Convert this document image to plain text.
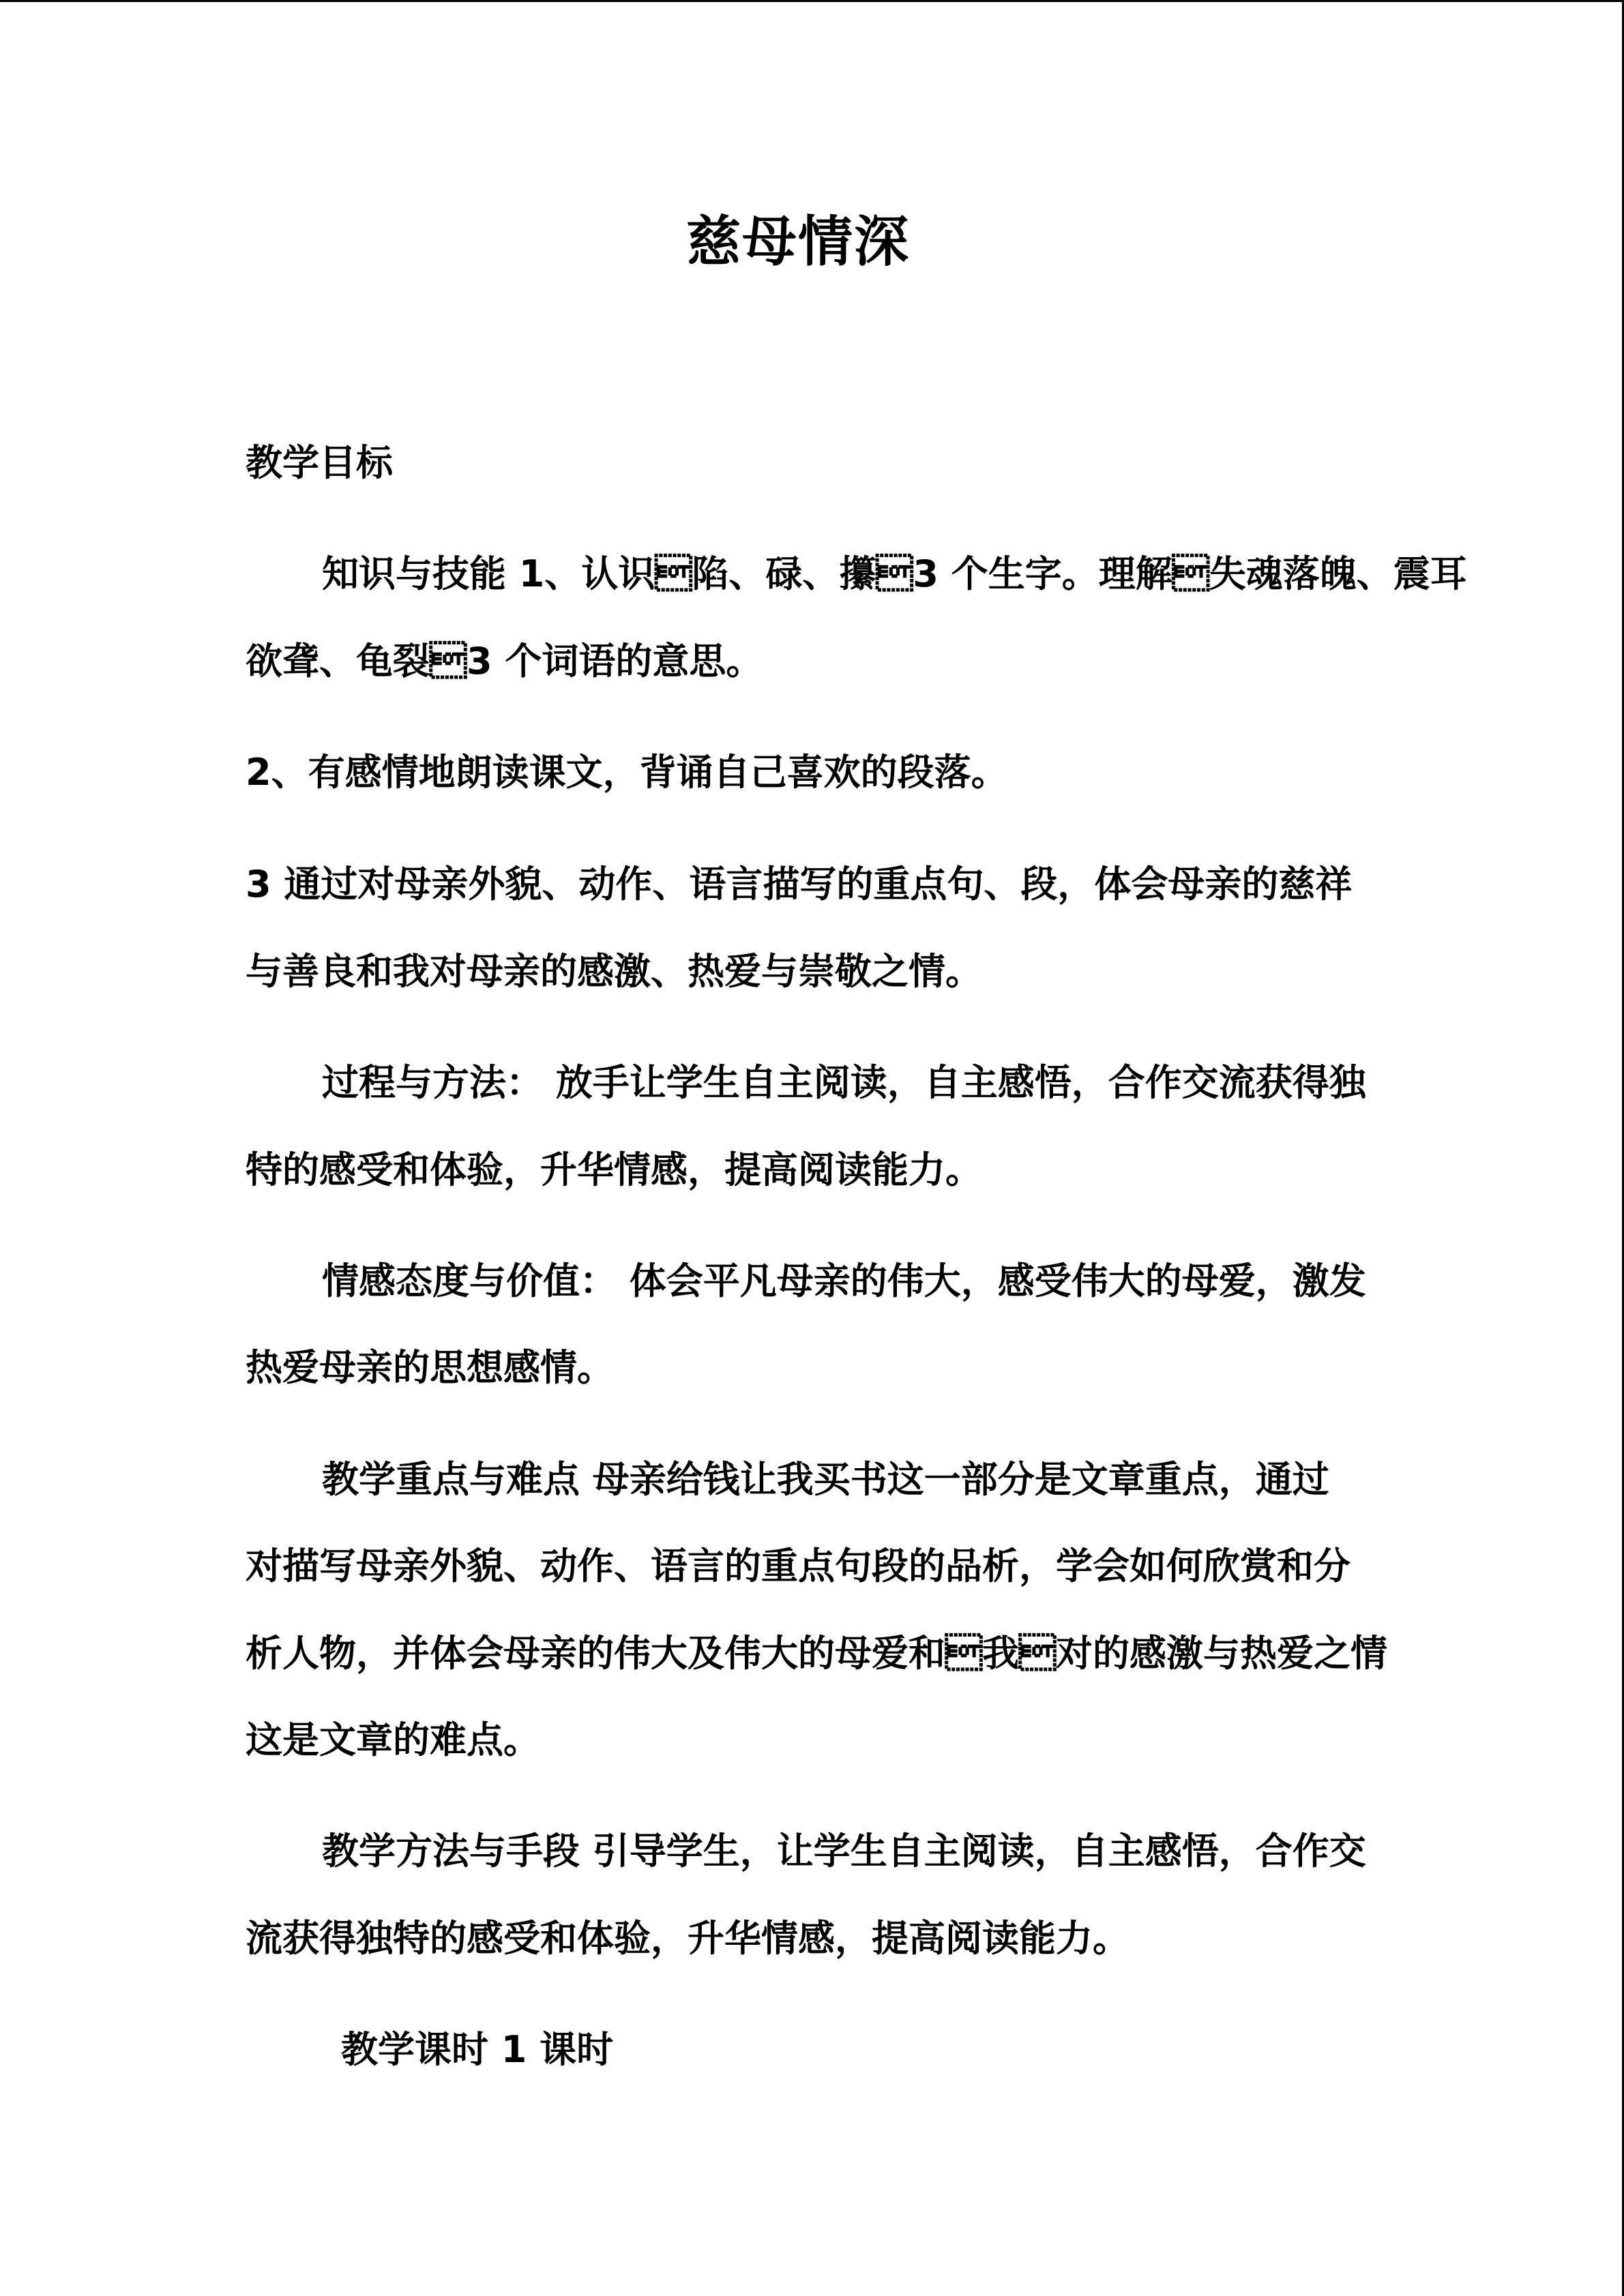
慈母情深
教学目标
知识与技能 1、认识陷、碌、攥3 个生字。理解失魂落魄、震耳
欲聋、龟裂3 个词语的意思。
2、有感情地朗读课文，背诵自己喜欢的段落。
3 通过对母亲外貌、动作、语言描写的重点句、段，体会母亲的慈祥
与善良和我对母亲的感激、热爱与崇敬之情。
过程与方法： 放手让学生自主阅读，自主感悟，合作交流获得独
特的感受和体验，升华情感，提高阅读能力。
情感态度与价值： 体会平凡母亲的伟大，感受伟大的母爱，激发
热爱母亲的思想感情。
教学重点与难点 母亲给钱让我买书这一部分是文章重点，通过
对描写母亲外貌、动作、语言的重点句段的品析，学会如何欣赏和分
析人物，并体会母亲的伟大及伟大的母爱和我对的感激与热爱之情
这是文章的难点。
教学方法与手段 引导学生，让学生自主阅读，自主感悟，合作交
流获得独特的感受和体验，升华情感，提高阅读能力。
教学课时 1 课时
